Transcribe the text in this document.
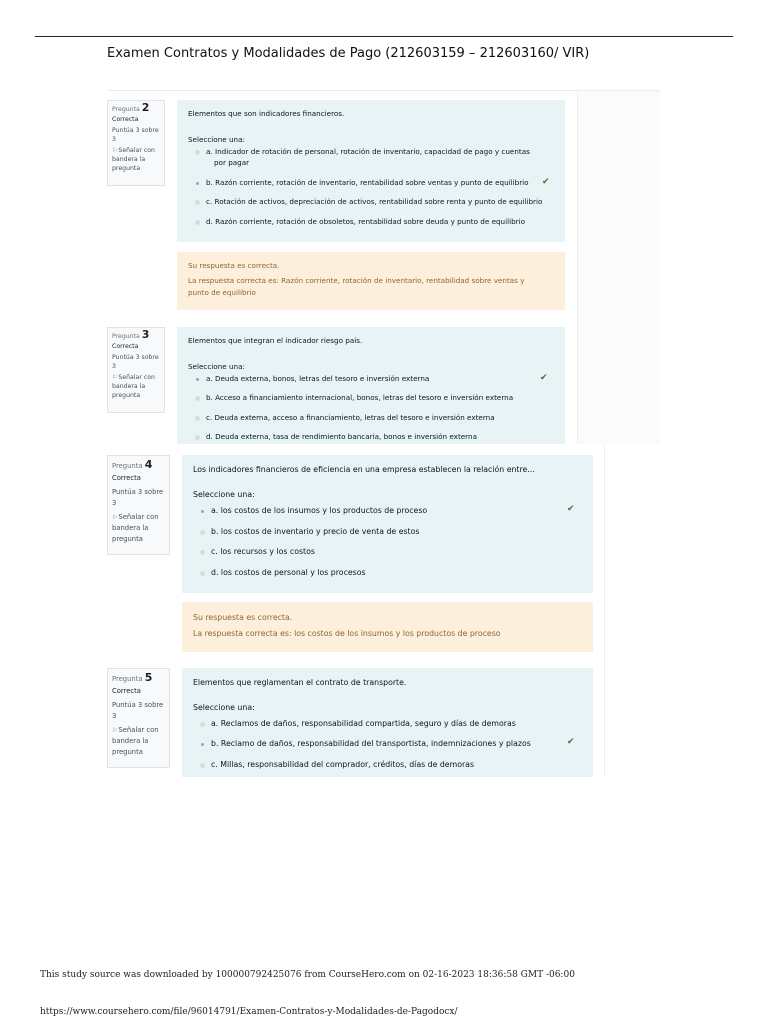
Examen Contratos y Modalidades de Pago (212603159 – 212603160/ VIR)
Pregunta 2
Correcta
Puntúa 3 sobre
3
⚐Señalar con
bandera la
pregunta
Elementos que son indicadores financieros.
Seleccione una:
a. Indicador de rotación de personal, rotación de inventario, capacidad de pago y cuentas
por pagar
b. Razón corriente, rotación de inventario, rentabilidad sobre ventas y punto de equilibrio ✔
c. Rotación de activos, depreciación de activos, rentabilidad sobre renta y punto de equilibrio
d. Razón corriente, rotación de obsoletos, rentabilidad sobre deuda y punto de equilibrio
Su respuesta es correcta.
La respuesta correcta es: Razón corriente, rotación de inventario, rentabilidad sobre ventas y
punto de equilibrio
Pregunta 3
Correcta
Puntúa 3 sobre
3
⚐Señalar con
bandera la
pregunta
Elementos que integran el indicador riesgo país.
Seleccione una:
a. Deuda externa, bonos, letras del tesoro e inversión externa	✔
b. Acceso a financiamiento internacional, bonos, letras del tesoro e inversión externa
c. Deuda externa, acceso a financiamiento, letras del tesoro e inversión externa
d. Deuda externa, tasa de rendimiento bancaria, bonos e inversión externa
Pregunta 4
Correcta
Puntúa 3 sobre
3
⚐Señalar con
bandera la
pregunta
Los indicadores financieros de eficiencia en una empresa establecen la relación entre...
Seleccione una:
a. los costos de los insumos y los productos de proceso	✔
b. los costos de inventario y precio de venta de estos
c. los recursos y los costos
d. los costos de personal y los procesos
Su respuesta es correcta.
La respuesta correcta es: los costos de los insumos y los productos de proceso
Pregunta 5
Correcta
Puntúa 3 sobre
3
⚐Señalar con
bandera la
pregunta
Elementos que reglamentan el contrato de transporte.
Seleccione una:
a. Reclamos de daños, responsabilidad compartida, seguro y días de demoras
b. Reclamo de daños, responsabilidad del transportista, indemnizaciones y plazos	✔
c. Millas, responsabilidad del comprador, créditos, días de demoras
This study source was downloaded by 100000792425076 from CourseHero.com on 02-16-2023 18:36:58 GMT -06:00
https://www.coursehero.com/file/96014791/Examen-Contratos-y-Modalidades-de-Pagodocx/
